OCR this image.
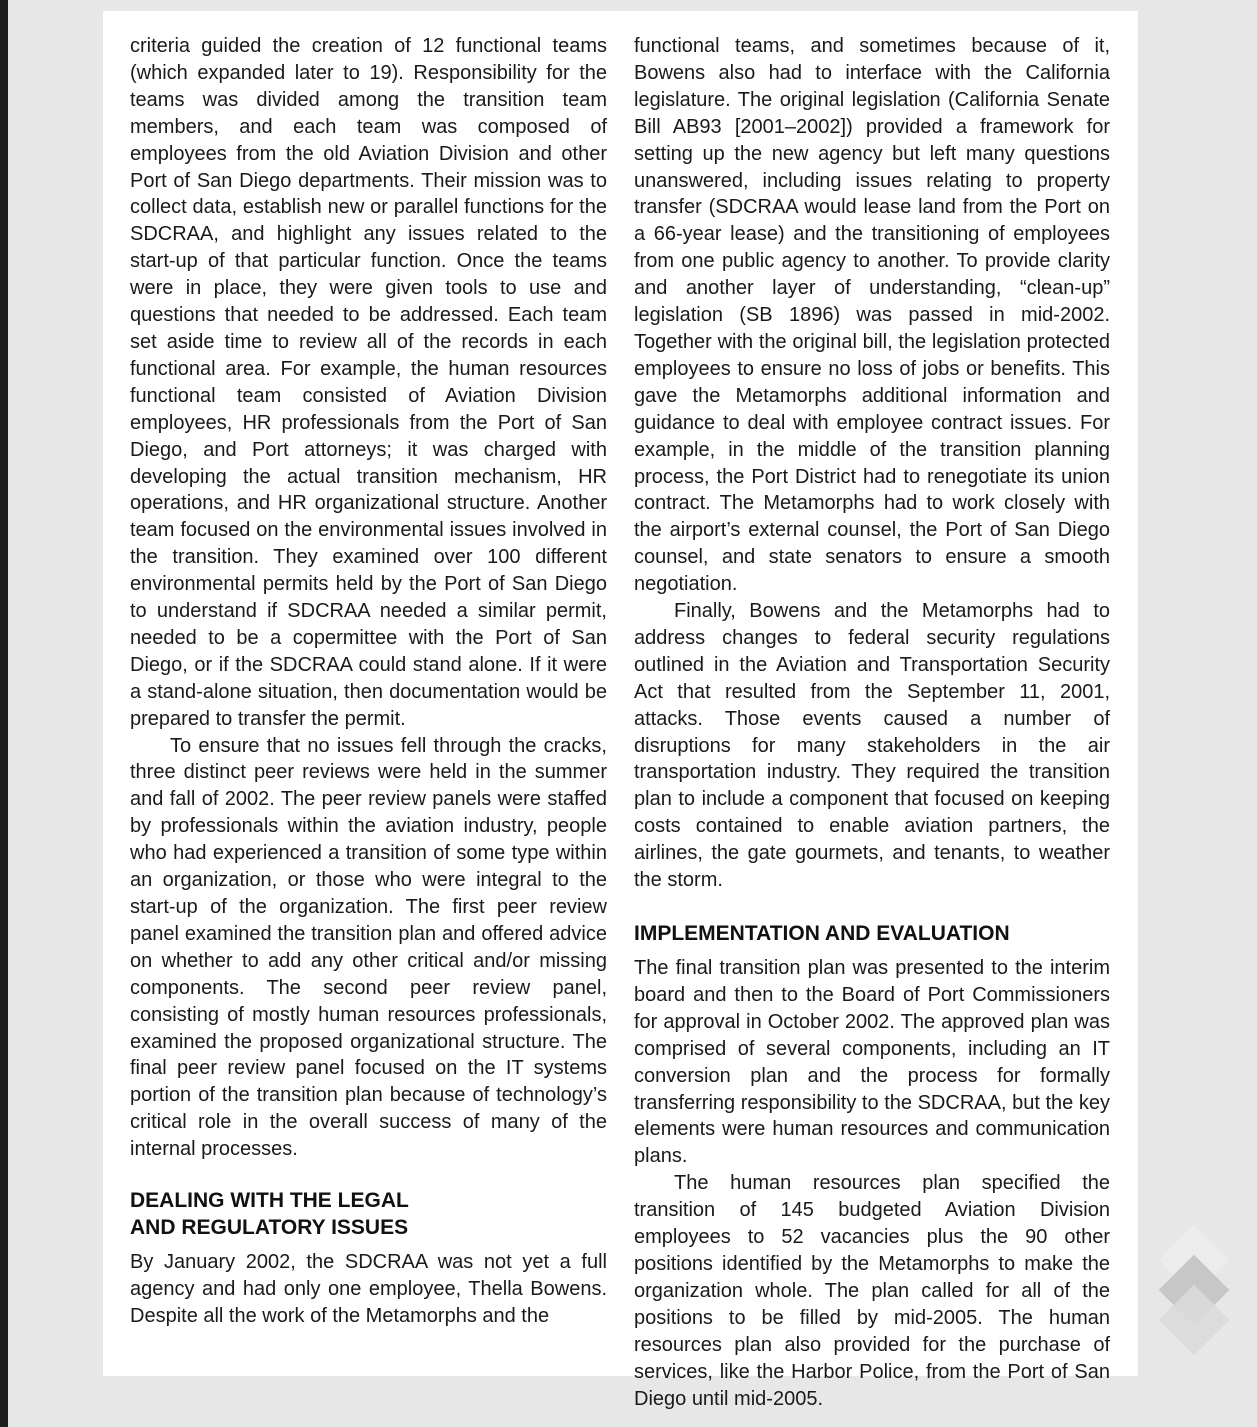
criteria guided the creation of 12 functional teams (which expanded later to 19). Responsibility for the teams was divided among the transition team members, and each team was composed of employees from the old Aviation Division and other Port of San Diego departments. Their mission was to collect data, establish new or parallel functions for the SDCRAA, and highlight any issues related to the start-up of that particular function. Once the teams were in place, they were given tools to use and questions that needed to be addressed. Each team set aside time to review all of the records in each functional area. For example, the human resources functional team consisted of Aviation Division employees, HR professionals from the Port of San Diego, and Port attorneys; it was charged with developing the actual transition mechanism, HR operations, and HR organizational structure. Another team focused on the environmental issues involved in the transition. They examined over 100 different environmental permits held by the Port of San Diego to understand if SDCRAA needed a similar permit, needed to be a copermittee with the Port of San Diego, or if the SDCRAA could stand alone. If it were a stand-alone situation, then documentation would be prepared to transfer the permit.

To ensure that no issues fell through the cracks, three distinct peer reviews were held in the summer and fall of 2002. The peer review panels were staffed by professionals within the aviation industry, people who had experienced a transition of some type within an organization, or those who were integral to the start-up of the organization. The first peer review panel examined the transition plan and offered advice on whether to add any other critical and/or missing components. The second peer review panel, consisting of mostly human resources professionals, examined the proposed organizational structure. The final peer review panel focused on the IT systems portion of the transition plan because of technology’s critical role in the overall success of many of the internal processes.

DEALING WITH THE LEGAL
AND REGULATORY ISSUES

By January 2002, the SDCRAA was not yet a full agency and had only one employee, Thella Bowens. Despite all the work of the Metamorphs and the

functional teams, and sometimes because of it, Bowens also had to interface with the California legislature. The original legislation (California Senate Bill AB93 [2001–2002]) provided a framework for setting up the new agency but left many questions unanswered, including issues relating to property transfer (SDCRAA would lease land from the Port on a 66-year lease) and the transitioning of employees from one public agency to another. To provide clarity and another layer of understanding, “clean-up” legislation (SB 1896) was passed in mid-2002. Together with the original bill, the legislation protected employees to ensure no loss of jobs or benefits. This gave the Metamorphs additional information and guidance to deal with employee contract issues. For example, in the middle of the transition planning process, the Port District had to renegotiate its union contract. The Metamorphs had to work closely with the airport’s external counsel, the Port of San Diego counsel, and state senators to ensure a smooth negotiation.

Finally, Bowens and the Metamorphs had to address changes to federal security regulations outlined in the Aviation and Transportation Security Act that resulted from the September 11, 2001, attacks. Those events caused a number of disruptions for many stakeholders in the air transportation industry. They required the transition plan to include a component that focused on keeping costs contained to enable aviation partners, the airlines, the gate gourmets, and tenants, to weather the storm.

IMPLEMENTATION AND EVALUATION

The final transition plan was presented to the interim board and then to the Board of Port Commissioners for approval in October 2002. The approved plan was comprised of several components, including an IT conversion plan and the process for formally transferring responsibility to the SDCRAA, but the key elements were human resources and communication plans.

The human resources plan specified the transition of 145 budgeted Aviation Division employees to 52 vacancies plus the 90 other positions identified by the Metamorphs to make the organization whole. The plan called for all of the positions to be filled by mid-2005. The human resources plan also provided for the purchase of services, like the Harbor Police, from the Port of San Diego until mid-2005.
